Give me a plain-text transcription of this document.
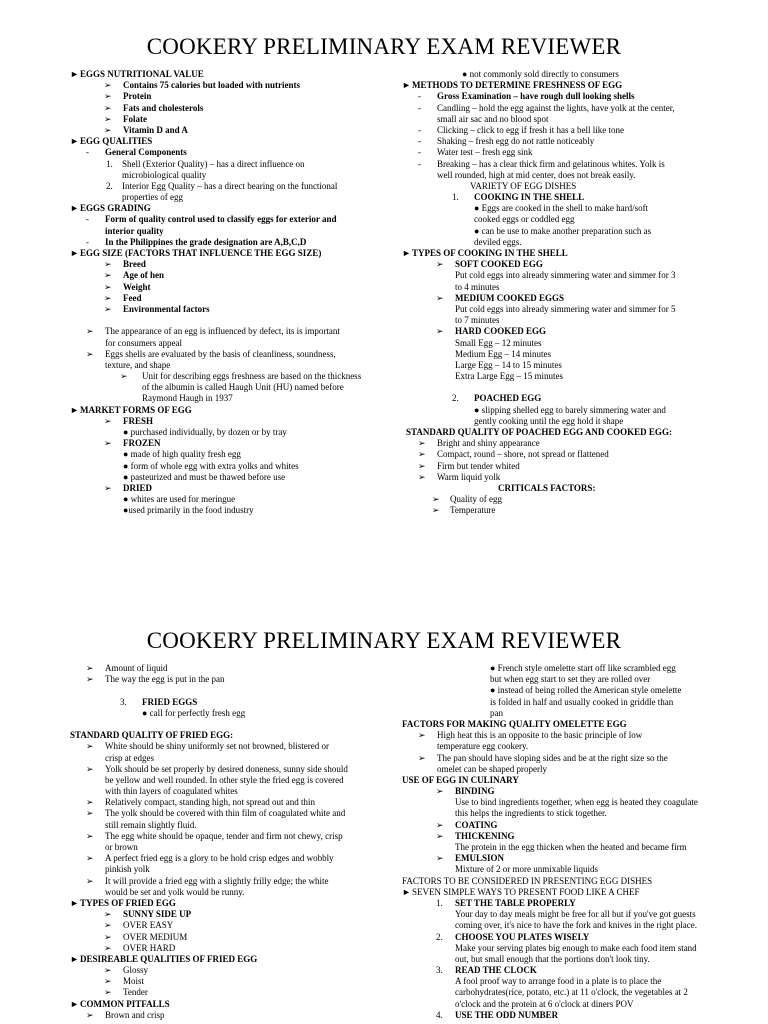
COOKERY PRELIMINARY EXAM REVIEWER
► EGGS NUTRITIONAL VALUE
➢ Contains 75 calories but loaded with nutrients
➢ Protein
➢ Fats and cholesterols
➢ Folate
➢ Vitamin D and A
► EGG QUALITIES
- General Components
1. Shell (Exterior Quality) – has a direct influence on
microbiological quality
2. Interior Egg Quality – has a direct bearing on the functional
properties of egg
► EGGS GRADING
- Form of quality control used to classify eggs for exterior and
interior quality
- In the Philippines the grade designation are A,B,C,D
► EGG SIZE (FACTORS THAT INFLUENCE THE EGG SIZE)
➢ Breed
➢ Age of hen
➢ Weight
➢ Feed
➢ Environmental factors
➢ The appearance of an egg is influenced by defect, its is important
for consumers appeal
➢ Eggs shells are evaluated by the basis of cleanliness, soundness,
texture, and shape
➢ Unit for describing eggs freshness are based on the thickness
of the albumin is called Haugh Unit (HU) named before
Raymond Haugh in 1937
► MARKET FORMS OF EGG
➢ FRESH
● purchased individually, by dozen or by tray
➢ FROZEN
● made of high quality fresh egg
● form of whole egg with extra yolks and whites
● pasteurized and must be thawed before use
➢ DRIED
● whites are used for meringue
●used primarily in the food industry
● not commonly sold directly to consumers
► METHODS TO DETERMINE FRESHNESS OF EGG
- Gross Examination – have rough dull looking shells
- Candling – hold the egg against the lights, have yolk at the center,
small air sac and no blood spot
- Clicking – click to egg if fresh it has a bell like tone
- Shaking – fresh egg do not rattle noticeably
- Water test – fresh egg sink
- Breaking – has a clear thick firm and gelatinous whites. Yolk is
well rounded, high at mid center, does not break easily.
VARIETY OF EGG DISHES
1. COOKING IN THE SHELL
● Eggs are cooked in the shell to make hard/soft
cooked eggs or coddled egg
● can be use to make another preparation such as
deviled eggs.
► TYPES OF COOKING IN THE SHELL
➢ SOFT COOKED EGG
Put cold eggs into already simmering water and simmer for 3
to 4 minutes
➢ MEDIUM COOKED EGGS
Put cold eggs into already simmering water and simmer for 5
to 7 minutes
➢ HARD COOKED EGG
Small Egg – 12 minutes
Medium Egg – 14 minutes
Large Egg – 14 to 15 minutes
Extra Large Egg – 15 minutes
2. POACHED EGG
● slipping shelled egg to barely simmering water and
gently cooking until the egg hold it shape
STANDARD QUALITY OF POACHED EGG AND COOKED EGG:
➢ Bright and shiny appearance
➢ Compact, round – shore, not spread or flattened
➢ Firm but tender whited
➢ Warm liquid yolk
CRITICALS FACTORS:
➢ Quality of egg
➢ Temperature
COOKERY PRELIMINARY EXAM REVIEWER
➢ Amount of liquid
➢ The way the egg is put in the pan
3. FRIED EGGS
● call for perfectly fresh egg
STANDARD QUALITY OF FRIED EGG:
➢ White should be shiny uniformly set not browned, blistered or
crisp at edges
➢ Yolk should be set properly by desired doneness, sunny side should
be yellow and well rounded. In other style the fried egg is covered
with thin layers of coagulated whites
➢ Relatively compact, standing high, not spread out and thin
➢ The yolk should be covered with thin film of coagulated white and
still remain slightly fluid.
➢ The egg white should be opaque, tender and firm not chewy, crisp
or brown
➢ A perfect fried egg is a glory to be hold crisp edges and wobbly
pinkish yolk
➢ It will provide a fried egg with a slightly frilly edge; the white
would be set and yolk would be runny.
► TYPES OF FRIED EGG
➢ SUNNY SIDE UP
➢ OVER EASY
➢ OVER MEDIUM
➢ OVER HARD
► DESIREABLE QUALITIES OF FRIED EGG
➢ Glossy
➢ Moist
➢ Tender
► COMMON PITFALLS
➢ Brown and crisp
● French style omelette start off like scrambled egg
but when egg start to set they are rolled over
● instead of being rolled the American style omelette
is folded in half and usually cooked in griddle than
pan
FACTORS FOR MAKING QUALITY OMELETTE EGG
➢ High heat this is an opposite to the basic principle of low
temperature egg cookery.
➢ The pan should have sloping sides and be at the right size so the
omelet can be shaped properly
USE OF EGG IN CULINARY
➢ BINDING
Use to bind ingredients together, when egg is heated they coagulate
this helps the ingredients to stick together.
➢ COATING
➢ THICKENING
The protein in the egg thicken when the heated and became firm
➢ EMULSION
Mixture of 2 or more unmixable liquids
FACTORS TO BE CONSIDERED IN PRESENTING EGG DISHES
► SEVEN SIMPLE WAYS TO PRESENT FOOD LIKE A CHEF
1. SET THE TABLE PROPERLY
Your day to day meals might be free for all but if you've got guests
coming over, it's nice to have the fork and knives in the right place.
2. CHOOSE YOU PLATES WISELY
Make your serving plates big enough to make each food item stand
out, but small enough that the portions don't look tiny.
3. READ THE CLOCK
A fool proof way to arrange food in a plate is to place the
carbohydrates(rice, potato, etc.) at 11 o'clock, the vegetables at 2
o'clock and the protein at 6 o'clock at diners POV
4. USE THE ODD NUMBER
